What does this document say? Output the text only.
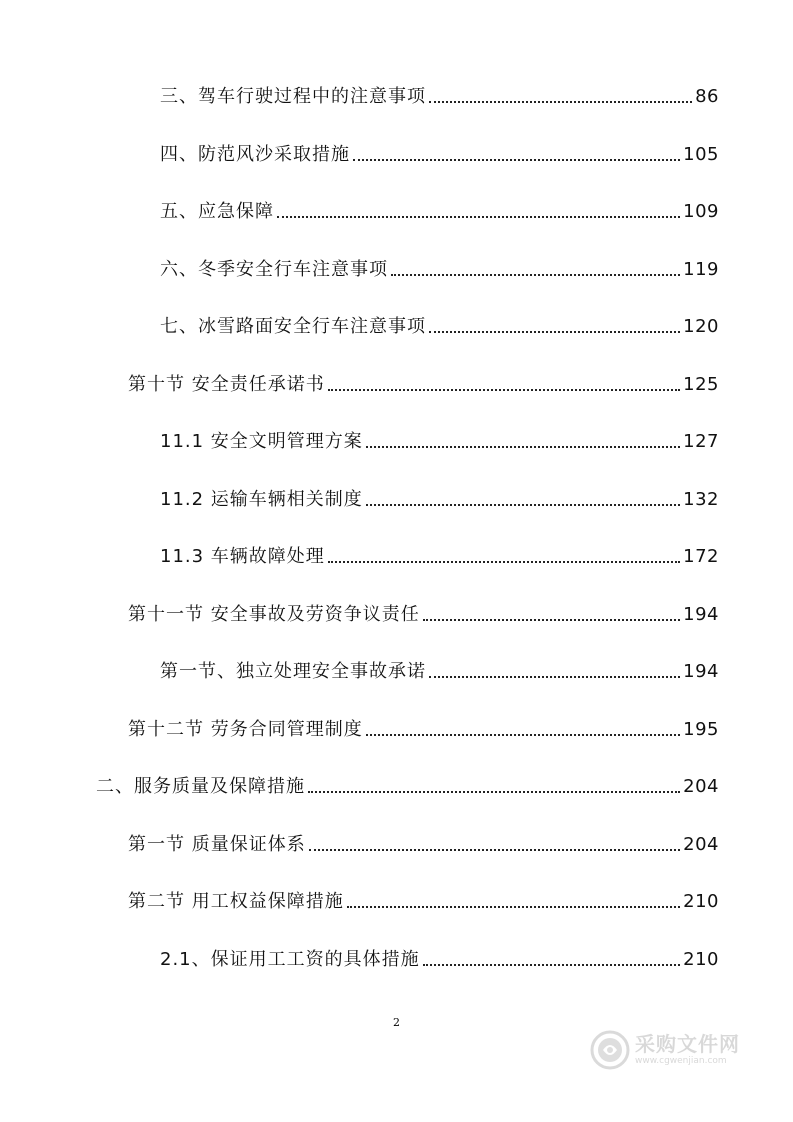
三、驾车行驶过程中的注意事项	86
四、防范风沙采取措施	105
五、应急保障	109
六、冬季安全行车注意事项	119
七、冰雪路面安全行车注意事项	120
第十节 安全责任承诺书	125
11.1 安全文明管理方案	127
11.2 运输车辆相关制度	132
11.3 车辆故障处理	172
第十一节 安全事故及劳资争议责任	194
第一节、独立处理安全事故承诺	194
第十二节 劳务合同管理制度	195
二、服务质量及保障措施	204
第一节 质量保证体系	204
第二节 用工权益保障措施	210
2.1、保证用工工资的具体措施	210
2
采购文件网
www.cgwenjian.com
